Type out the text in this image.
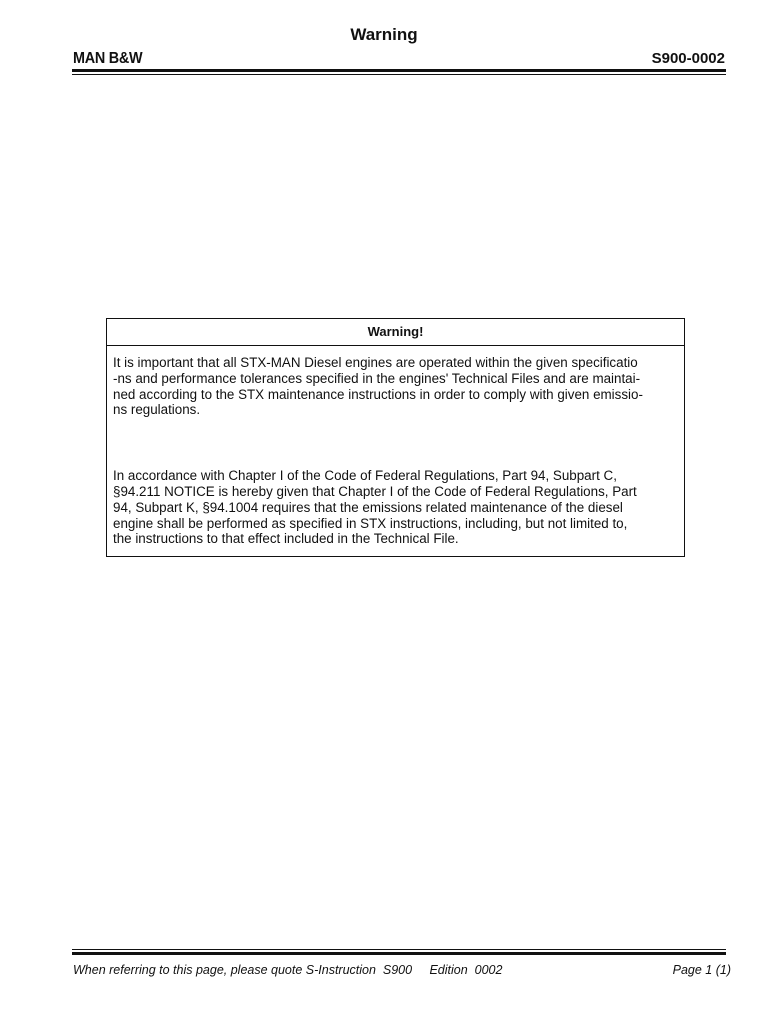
Warning
MAN B&W	S900-0002
Warning!

It is important that all STX-MAN Diesel engines are operated within the given specificatio
-ns and performance tolerances specified in the engines' Technical Files and are maintai-
ned according to the STX maintenance instructions in order to comply with given emissio-
ns regulations.

In accordance with Chapter I of the Code of Federal Regulations, Part 94, Subpart C,
§94.211 NOTICE is hereby given that Chapter I of the Code of Federal Regulations, Part
94, Subpart K, §94.1004 requires that the emissions related maintenance of the diesel
engine shall be performed as specified in STX instructions, including, but not limited to,
the instructions to that effect included in the Technical File.

When referring to this page, please quote S-Instruction  S900     Edition  0002	Page 1 (1)
